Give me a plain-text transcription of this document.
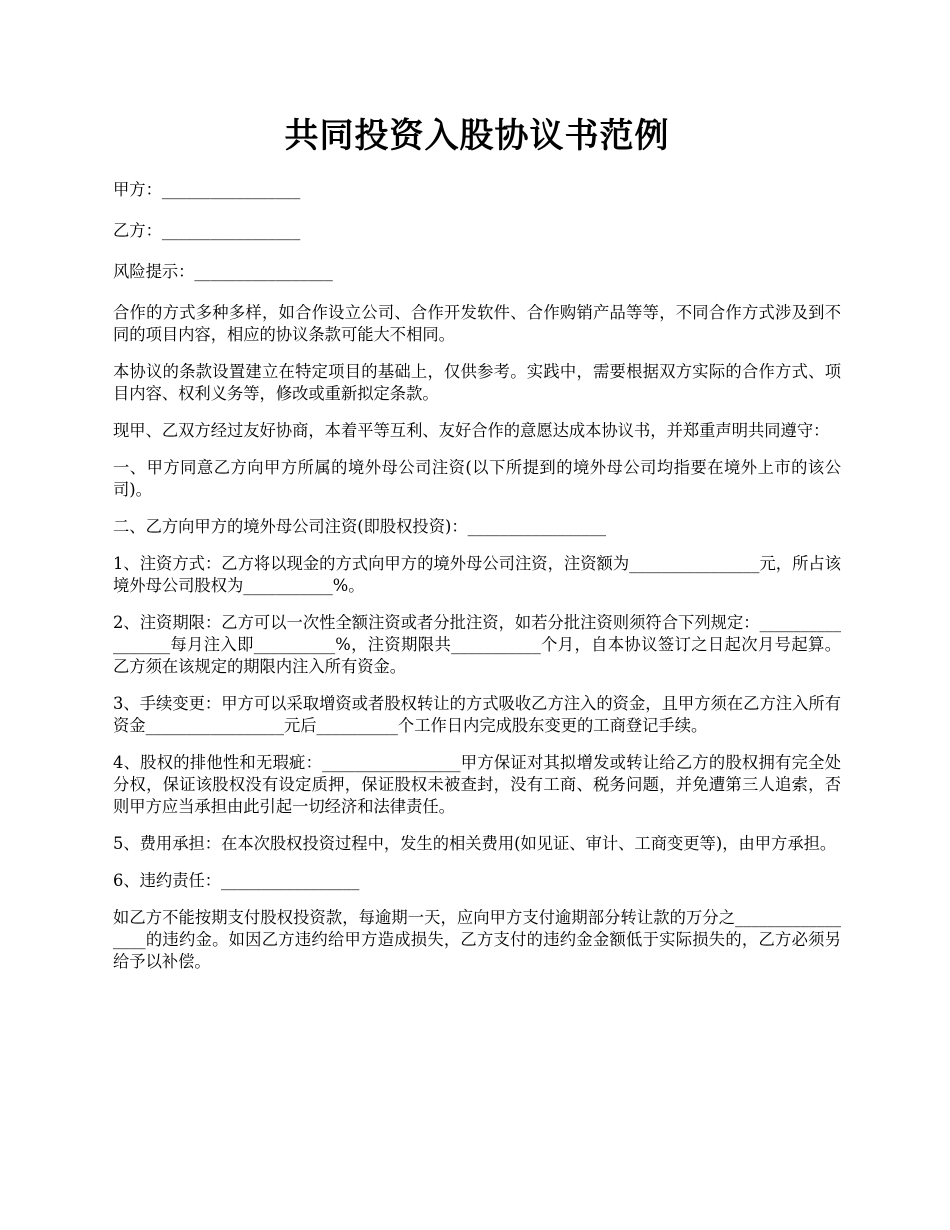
共同投资入股协议书范例
甲方：_________________
乙方：_________________
风险提示：_________________

合作的方式多种多样，如合作设立公司、合作开发软件、合作购销产品等等，不同合作方式涉及到不同的项目内容，相应的协议条款可能大不相同。

本协议的条款设置建立在特定项目的基础上，仅供参考。实践中，需要根据双方实际的合作方式、项目内容、权利义务等，修改或重新拟定条款。

现甲、乙双方经过友好协商，本着平等互利、友好合作的意愿达成本协议书，并郑重声明共同遵守：

一、甲方同意乙方向甲方所属的境外母公司注资(以下所提到的境外母公司均指要在境外上市的该公司)。

二、乙方向甲方的境外母公司注资(即股权投资)：_________________

1、注资方式：乙方将以现金的方式向甲方的境外母公司注资，注资额为________________元，所占该境外母公司股权为___________%。

2、注资期限：乙方可以一次性全额注资或者分批注资，如若分批注资则须符合下列规定：_________________每月注入即__________%，注资期限共___________个月，自本协议签订之日起次月号起算。乙方须在该规定的期限内注入所有资金。

3、手续变更：甲方可以采取增资或者股权转让的方式吸收乙方注入的资金，且甲方须在乙方注入所有资金_________________元后__________个工作日内完成股东变更的工商登记手续。

4、股权的排他性和无瑕疵：_________________甲方保证对其拟增发或转让给乙方的股权拥有完全处分权，保证该股权没有设定质押，保证股权未被查封，没有工商、税务问题，并免遭第三人追索，否则甲方应当承担由此引起一切经济和法律责任。

5、费用承担：在本次股权投资过程中，发生的相关费用(如见证、审计、工商变更等)，由甲方承担。

6、违约责任：_________________

如乙方不能按期支付股权投资款，每逾期一天，应向甲方支付逾期部分转让款的万分之_________________的违约金。如因乙方违约给甲方造成损失，乙方支付的违约金金额低于实际损失的，乙方必须另给予以补偿。
